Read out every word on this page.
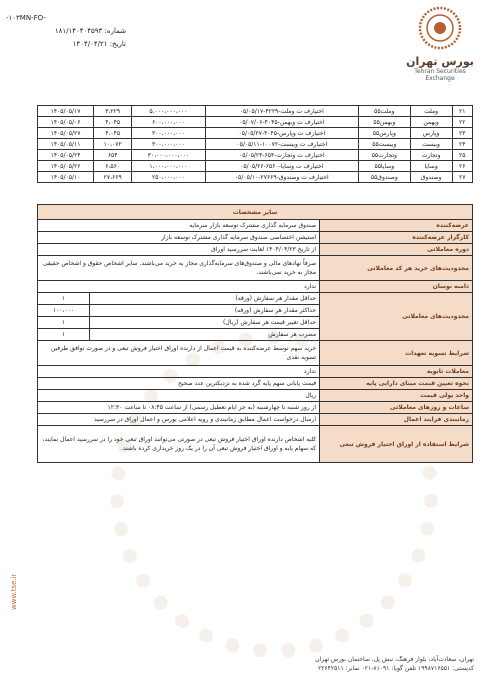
-۱۰۳MN-FO-
شماره: ۱۸۱/۱۴۰۴۰۴۵۹۳
تاریخ: ۱۴۰۴/۰۴/۲۱
بورس تهران
Tehran Securities
Exchange
۲۱	وملت	وملت۵۵	اختیارف ت وملت-۴۲۲۹-۰۵/۰۵/۱۷	۵،۰۰۰،۰۰۰،۰۰۰	۳،۲۲۹	۱۴۰۵/۰۵/۱۷
۲۲	وبهمن	وبهمن۵۵	اختیارف ت وبهمن-۴۰۴۵-۰۵/۰۷/۰۶	۶۰۰،۰۰۰،۰۰۰	۴،۰۴۵	۱۴۰۵/۰۵/۰۶
۲۳	وپارس	وپارس۵۵	اختیارف ت وپارس-۴۰۴۵-۰۵/۰۵/۲۷	۳۰۰،۰۰۰،۰۰۰	۴،۰۴۵	۱۴۰۵/۰۵/۲۷
۲۴	وبیست	وبیست۵۵	اختیارف ت وبیست-۱۰۰۷۲-۰۵/۰۵/۱۱	۳۰۰،۰۰۰،۰۰۰	۱۰،۰۷۲	۱۴۰۵/۰۵/۱۱
۲۵	وتجارت	وتجارت۵۵	اختیارف ت وتجارت-۶۵۴-۰۵/۰۵/۲۴	۳۰،۰۰۰،۰۰۰،۰۰۰	۶۵۴	۱۴۰۵/۰۵/۲۴
۲۶	وسایا	وسایا۵۵	اختیارف ت وسایا-۶۵۶۰-۰۵/۰۵/۲۶	۱،۰۰۰،۰۰۰،۰۰۰	۶،۵۶۰	۱۴۰۵/۰۵/۲۶
۲۷	وصندوق	وصندوق۵۵	اختیارف ت وصندوق-۲۷۶۶۹-۰۵/۰۵/۱۰	۲۵۰،۰۰۰،۰۰۰	۲۷،۶۶۹	۱۴۰۵/۰۵/۱۰
سایر مشخصات		
عرضه‌کننده	صندوق سرمایه گذاری مشترک توسعه بازار سرمایه	
کارگزار عرضه‌کننده	استیشن اختصاصی صندوق سرمایه گذاری مشترک توسعه بازار	
دوره معاملاتی	از تاریخ ۱۴۰۴/۰۴/۲۳ لغایت سررسید اوراق	
محدودیت‌های خرید هر کد معاملاتی	صرفاً نهادهای مالی و صندوق‌های سرمایه‌گذاری مجاز به خرید می‌باشند. سایر اشخاص حقوق و اشخاص حقیقی مجاز به خرید نمی‌باشند.	
دامنه نوسان	ندارد	
محدودیت‌های معاملاتی	حداقل مقدار هر سفارش (ورقه)	۱
	حداکثر مقدار هر سفارش (ورقه)	۱۰۰،۰۰۰
	حداقل تغییر قیمت هر سفارش (ریال)	۱
	مضرب هر سفارش	۱
شرایط تسویه تعهدات	خرید سهم توسط عرضه‌کننده به قیمت اعمال از دارنده اوراق اختیار فروش تبعی و در صورت توافق طرفین تسویه نقدی	
معاملات ثانویه	ندارد	
نحوه تعیین قیمت مبنای دارایی پایه	قیمت پایانی سهم پایه گرد شده به نزدیکترین عدد صحیح	
واحد پولی قیمت	ریال	
ساعات و روزهای معاملاتی	از روز شنبه تا چهارشنبه (به جز ایام تعطیل رسمی) از ساعت ۰۸:۴۵ تا ساعت ۱۲:۳۰	
زمانبندی فرایند اعمال	ارسال درخواست اعمال مطابق زمانبندی و رویه اعلامی بورس و اعمال اوراق در سررسید	
شرایط استفاده از اوراق اختیار فروش تبعی	کلیه اشخاص دارنده اوراق اختیار فروش تبعی در صورتی می‌توانند اوراق تبعی خود را در سررسید اعمال نمایند، که سهام پایه و اوراق اختیار فروش تبعی آن را در یک روز خریداری کرده باشند.	
www.tse.ir
تهران، سعادت‌آباد، بلوار فرهنگ، نبش پل، ساختمان بورس تهران
کدپستی: ۱۹۹۸۷۱۶۵۵۱ تلفن گویا: ۸۱۰۹۱-۰۲۱ نمابر: ۲۲۶۴۲۵۱۱
